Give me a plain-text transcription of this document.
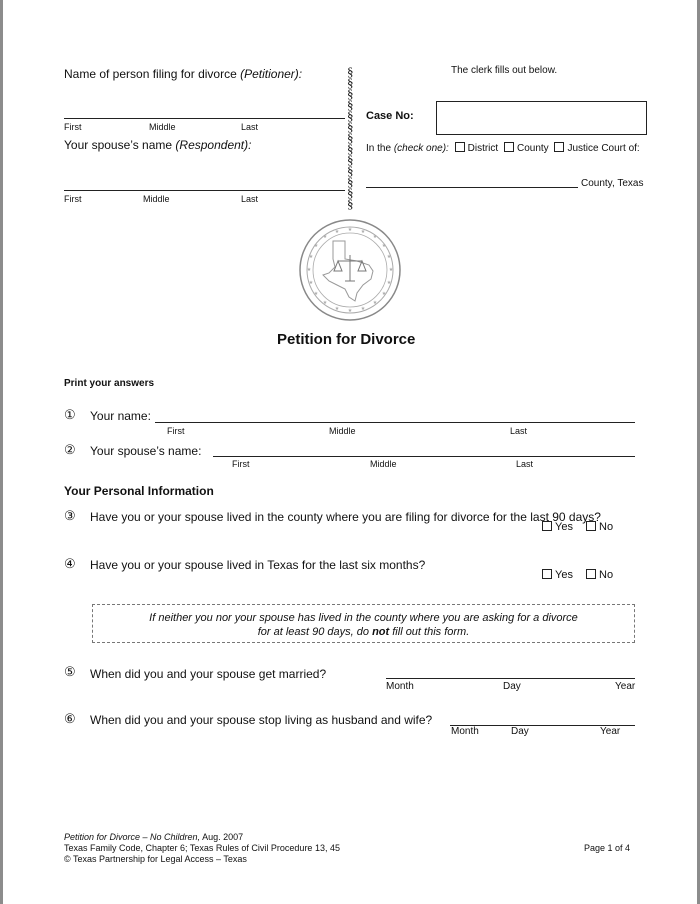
Name of person filing for divorce (Petitioner):
First	Middle	Last
Your spouse’s name (Respondent):
First	Middle	Last
§
§
§
§
§
§
§
§
§
§
§
§
§
The clerk fills out below.
Case No:
In the (check one): District County Justice Court of:
County, Texas
★ ★
★
★
★
★
★
★
★
★
★
★
★
★
★
★
★
★
★
★
Petition for Divorce
Print your answers
① Your name:
First	Middle	Last
② Your spouse’s name:
First	Middle	Last
Your Personal Information
③ Have you or your spouse lived in the county where you are filing for divorce for the last 90 days?
Yes No
④ Have you or your spouse lived in Texas for the last six months?
Yes No
If neither you nor your spouse has lived in the county where you are asking for a divorce
for at least 90 days, do not fill out this form.
⑤ When did you and your spouse get married?
Month	Day	Year
⑥ When did you and your spouse stop living as husband and wife?
Month	Day	Year
Petition for Divorce – No Children, Aug. 2007
Texas Family Code, Chapter 6; Texas Rules of Civil Procedure 13, 45
© Texas Partnership for Legal Access – Texas
Page 1 of 4
